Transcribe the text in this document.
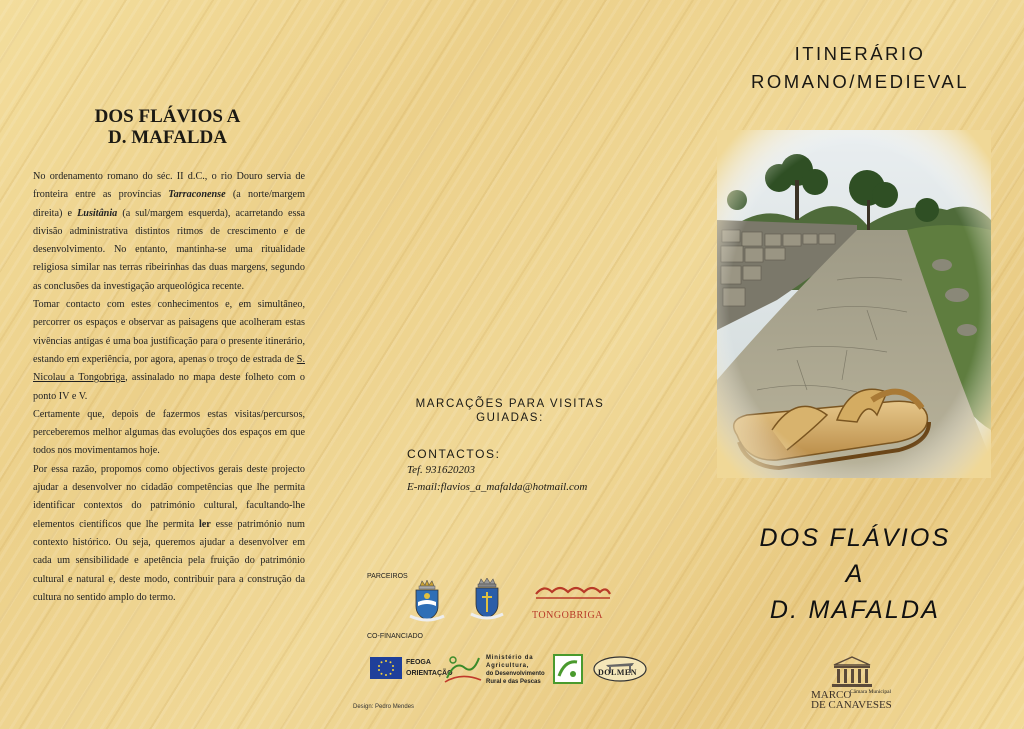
DOS FLÁVIOS A
D. MAFALDA

No ordenamento romano do séc. II d.C., o rio Douro servia de fronteira entre as províncias Tarraconense (a norte/margem direita) e Lusitânia (a sul/margem esquerda), acarretando essa divisão administrativa distintos ritmos de crescimento e de desenvolvimento. No entanto, mantinha-se uma ritualidade religiosa similar nas terras ribeirinhas das duas margens, segundo as conclusões da investigação arqueológica recente.

Tomar contacto com estes conhecimentos e, em simultâneo, percorrer os espaços e observar as paisagens que acolheram estas vivências antigas é uma boa justificação para o presente itinerário, estando em experiência, por agora, apenas o troço de estrada de S. Nicolau a Tongobriga, assinalado no mapa deste folheto com o ponto IV e V.

Certamente que, depois de fazermos estas visitas/percursos, perceberemos melhor algumas das evoluções dos espaços em que todos nos movimentamos hoje.

Por essa razão, propomos como objectivos gerais deste projecto ajudar a desenvolver no cidadão competências que lhe permita identificar contextos do património cultural, facultando-lhe elementos científicos que lhe permita ler esse património num contexto histórico. Ou seja, queremos ajudar a desenvolver em cada um sensibilidade e apetência pela fruição do património cultural e natural e, deste modo, contribuir para a construção da cultura no sentido amplo do termo.

MARCAÇÕES PARA VISITAS GUIADAS:
CONTACTOS:
Tef. 931620203
E-mail:flavios_a_mafalda@hotmail.com
PARCEIROS
TONGOBRIGA
CO-FINANCIADO
FEOGA
ORIENTAÇÃO
Ministério da
Agricultura,
do Desenvolvimento
Rural e das Pescas
DOLMEN
ITINERÁRIO
ROMANO/MEDIEVAL
DOS FLÁVIOS
A
D. MAFALDA
Câmara Municipal
MARCO
DE CANAVESES
Design: Pedro Mendes
